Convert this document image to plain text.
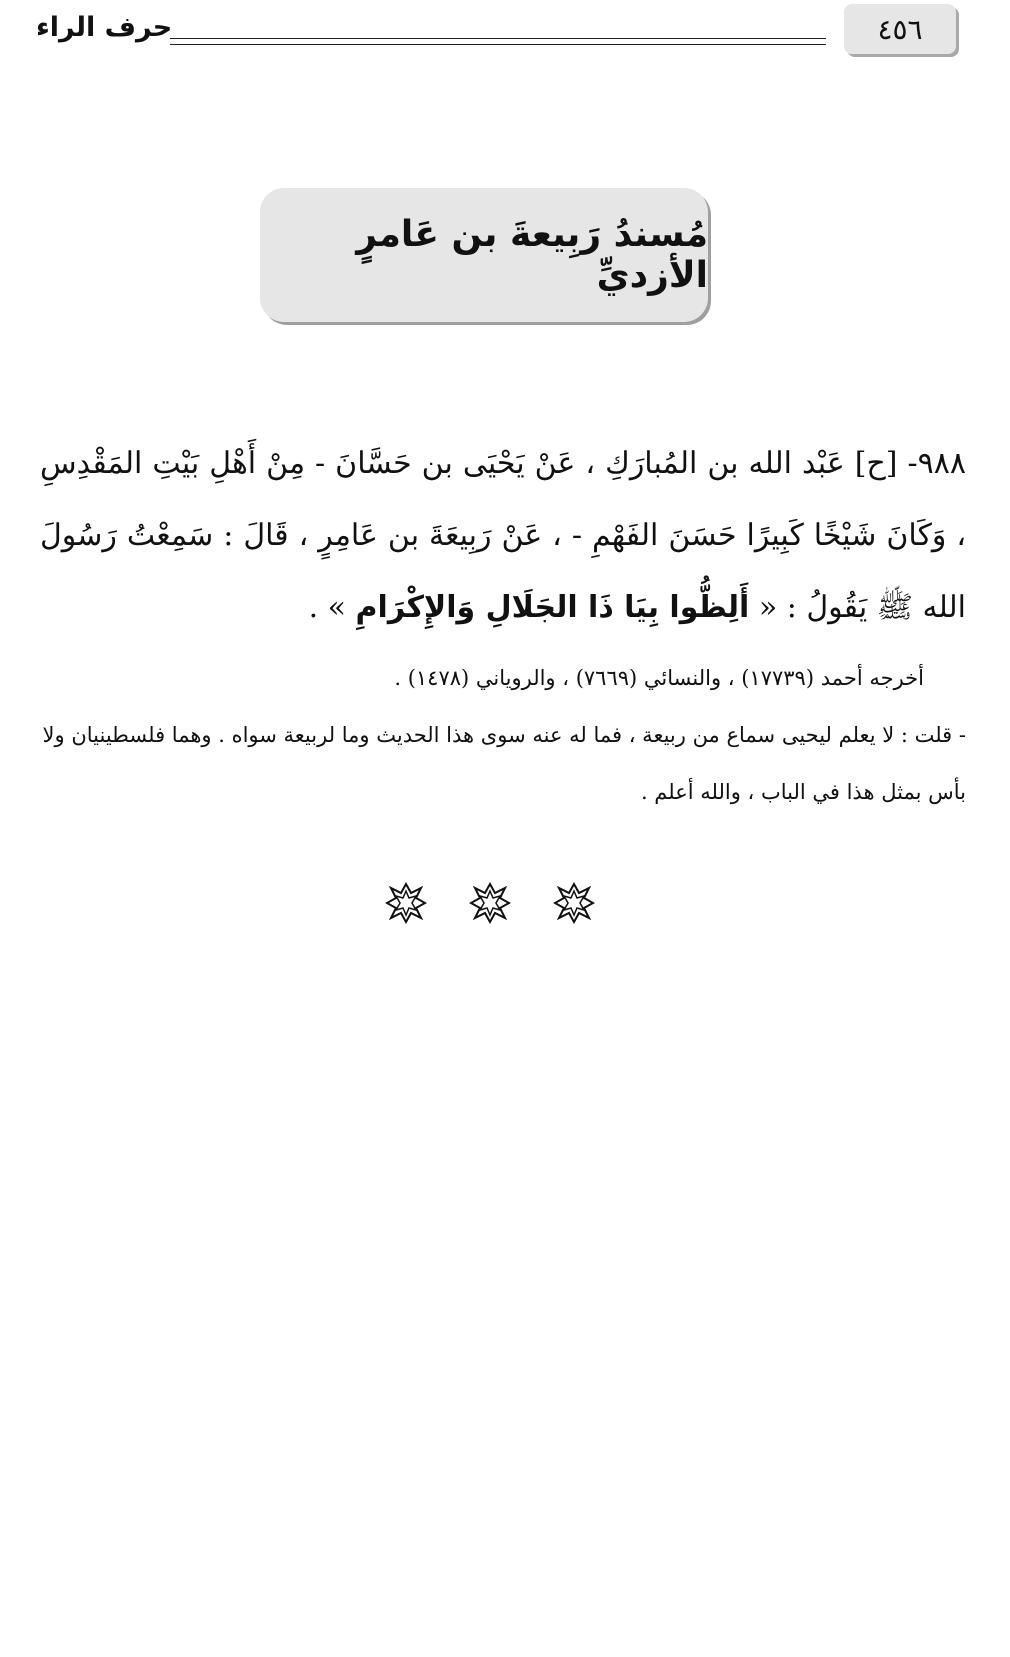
٤٥٦
حرف الراء
مُسندُ رَبِيعةَ بن عَامرٍ الأزديِّ
٩٨٨- [ح] عَبْد الله بن المُبارَكِ ، عَنْ يَحْيَى بن حَسَّانَ - مِنْ أَهْلِ بَيْتِ المَقْدِسِ ، وَكَانَ شَيْخًا كَبِيرًا حَسَنَ الفَهْمِ - ، عَنْ رَبِيعَةَ بن عَامِرٍ ، قَالَ : سَمِعْتُ رَسُولَ الله ﷺ يَقُولُ : « أَلِظُّوا بِيَا ذَا الجَلَالِ وَالإِكْرَامِ » .
أخرجه أحمد (١٧٧٣٩) ، والنسائي (٧٦٦٩) ، والروياني (١٤٧٨) .
- قلت : لا يعلم ليحيى سماع من ربيعة ، فما له عنه سوى هذا الحديث وما لربيعة سواه . وهما فلسطينيان ولا بأس بمثل هذا في الباب ، والله أعلم .
